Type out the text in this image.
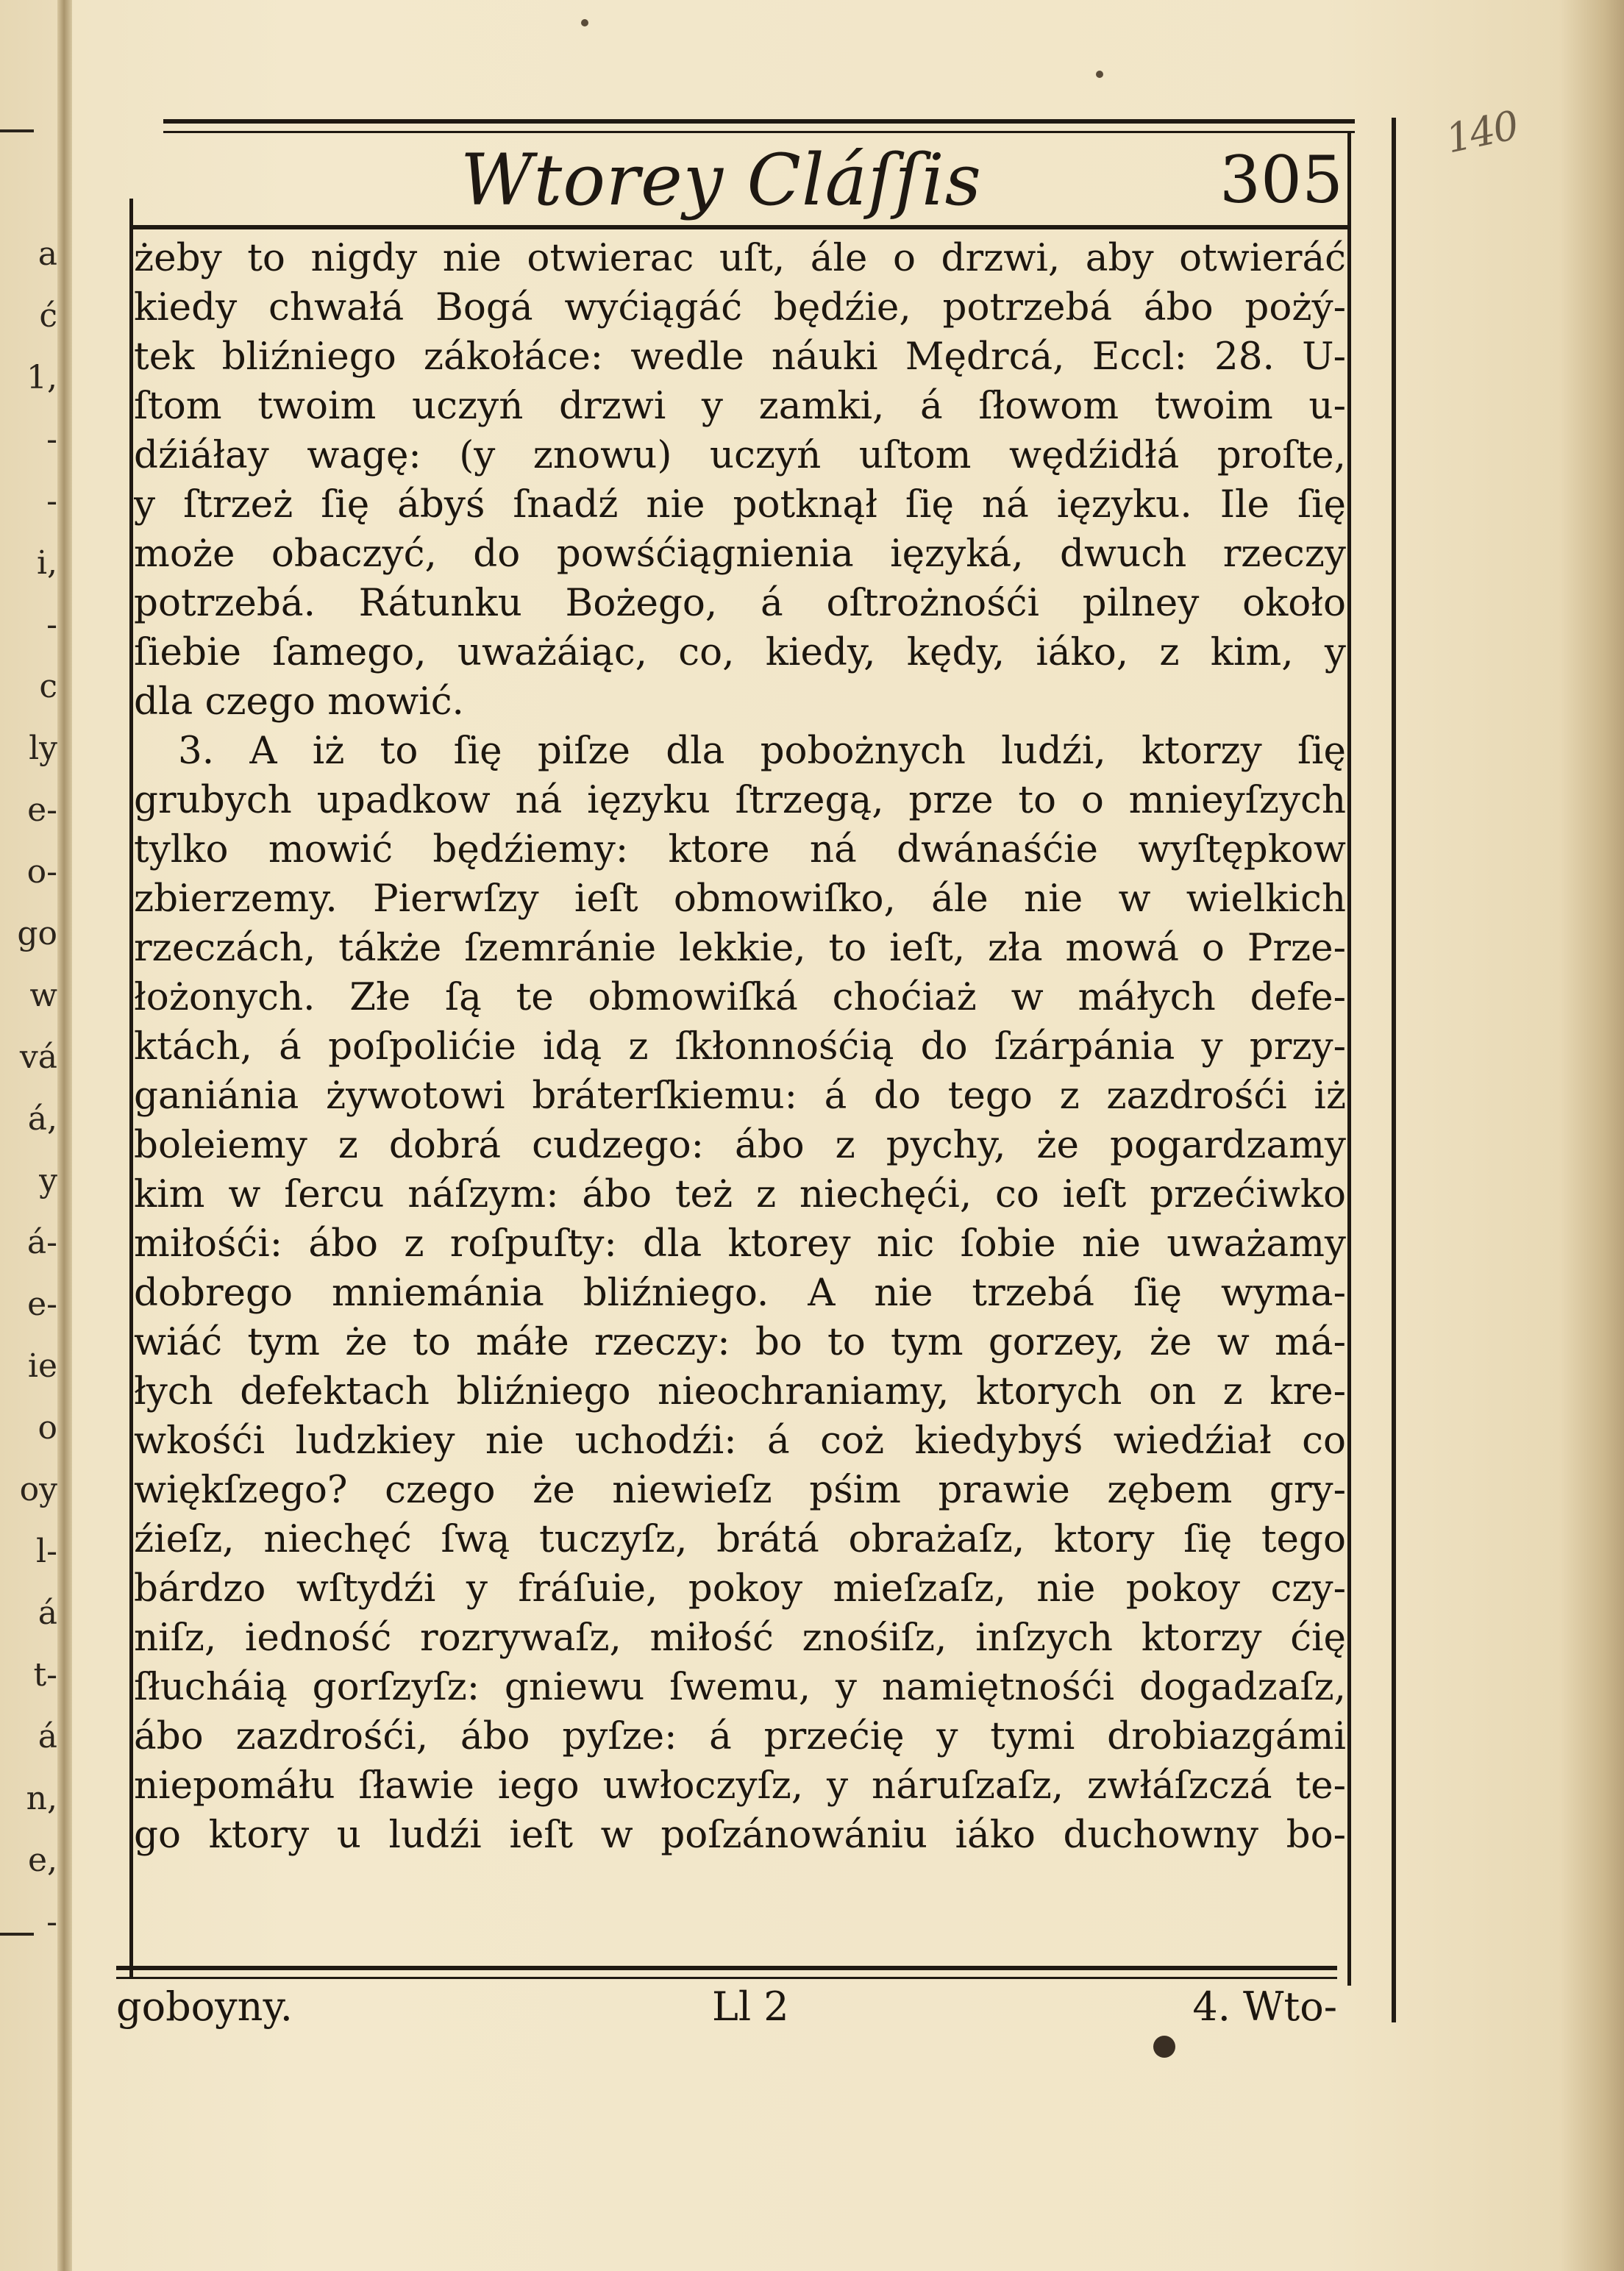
a
ć
1,
-
-
i,
-
c
ly
e-
o-
go
w
vá
á,
y
á-
e-
ie
o
oy
l-
á
t-
á
n,
e,
-
140
Wtorey Cláſſis	305
żeby to nigdy nie otwierac uſt, ále o drzwi, aby otwieráć
kiedy chwałá Bogá wyćiągáć będźie, potrzebá ábo pożý-
tek bliźniego zákołáce: wedle náuki Mędrcá, Eccl: 28. U-
ſtom twoim uczyń drzwi y zamki, á ſłowom twoim u-
dźiáłay wagę: (y znowu) uczyń uſtom wędźidłá proſte,
y ſtrzeż ſię ábyś ſnadź nie potknął ſię ná ięzyku. Ile ſię
może obaczyć, do powśćiągnienia ięzyká, dwuch rzeczy
potrzebá. Rátunku Bożego, á oſtrożnośći pilney około
ſiebie ſamego, uważáiąc, co, kiedy, kędy, iáko, z kim, y
dla czego mowić.
3. A iż to ſię piſze dla pobożnych ludźi, ktorzy ſię
grubych upadkow ná ięzyku ſtrzegą, prze to o mnieyſzych
tylko mowić będźiemy: ktore ná dwánaśćie wyſtępkow
zbierzemy. Pierwſzy ieſt obmowiſko, ále nie w wielkich
rzeczách, tákże ſzemránie lekkie, to ieſt, zła mowá o Prze-
łożonych. Złe ſą te obmowiſká choćiaż w máłych defe-
ktách, á poſpolićie idą z ſkłonnośćią do ſzárpánia y przy-
ganiánia żywotowi bráterſkiemu: á do tego z zazdrośći iż
boleiemy z dobrá cudzego: ábo z pychy, że pogardzamy
kim w ſercu náſzym: ábo też z niechęći, co ieſt przećiwko
miłośći: ábo z roſpuſty: dla ktorey nic ſobie nie uważamy
dobrego mniemánia bliźniego. A nie trzebá ſię wyma-
wiáć tym że to máłe rzeczy: bo to tym gorzey, że w má-
łych defektach bliźniego nieochraniamy, ktorych on z kre-
wkośći ludzkiey nie uchodźi: á coż kiedybyś wiedźiał co
więkſzego? czego że niewieſz pśim prawie zębem gry-
źieſz, niechęć ſwą tuczyſz, brátá obrażaſz, ktory ſię tego
bárdzo wſtydźi y fráſuie, pokoy mieſzaſz, nie pokoy czy-
niſz, iedność rozrywaſz, miłość znośiſz, inſzych ktorzy ćię
ſłucháią gorſzyſz: gniewu ſwemu, y namiętnośći dogadzaſz,
ábo zazdrośći, ábo pyſze: á przećię y tymi drobiazgámi
niepomáłu ſławie iego uwłoczyſz, y náruſzaſz, zwłáſzczá te-
go ktory u ludźi ieſt w poſzánowániu iáko duchowny bo-
goboyny.	Ll 2	4. Wto-
